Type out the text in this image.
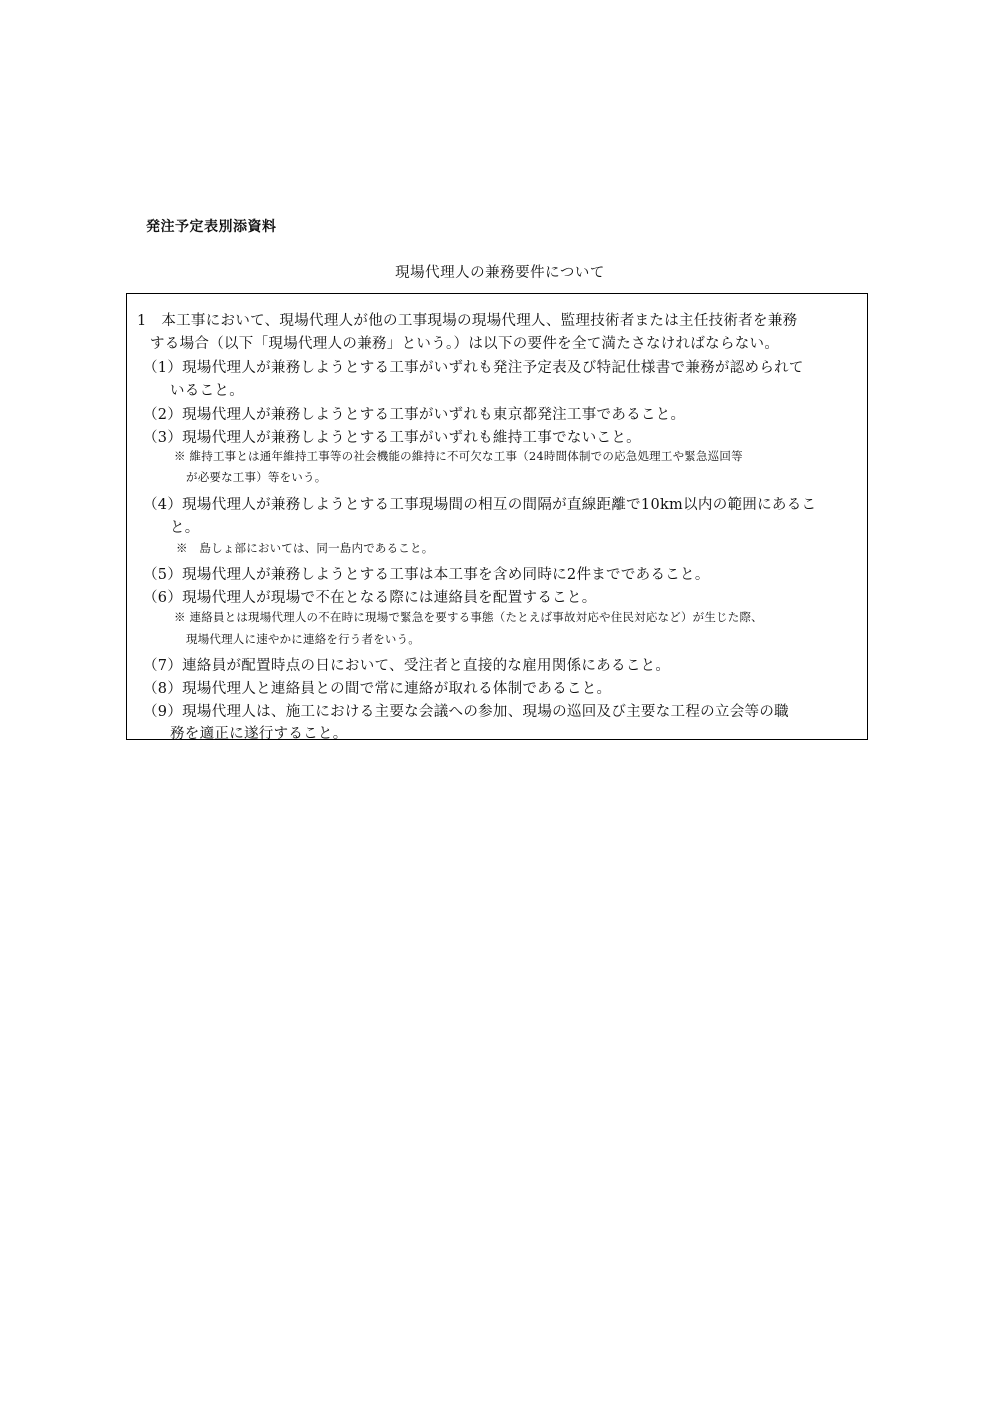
発注予定表別添資料
現場代理人の兼務要件について
1　本工事において、現場代理人が他の工事現場の現場代理人、監理技術者または主任技術者を兼務
する場合（以下「現場代理人の兼務」という。）は以下の要件を全て満たさなければならない。
（1）現場代理人が兼務しようとする工事がいずれも発注予定表及び特記仕様書で兼務が認められて
いること。
（2）現場代理人が兼務しようとする工事がいずれも東京都発注工事であること。
（3）現場代理人が兼務しようとする工事がいずれも維持工事でないこと。
※ 維持工事とは通年維持工事等の社会機能の維持に不可欠な工事（24時間体制での応急処理工や緊急巡回等
が必要な工事）等をいう。
（4）現場代理人が兼務しようとする工事現場間の相互の間隔が直線距離で10km以内の範囲にあるこ
と。
※　島しょ部においては、同一島内であること。
（5）現場代理人が兼務しようとする工事は本工事を含め同時に2件までであること。
（6）現場代理人が現場で不在となる際には連絡員を配置すること。
※ 連絡員とは現場代理人の不在時に現場で緊急を要する事態（たとえば事故対応や住民対応など）が生じた際、
現場代理人に速やかに連絡を行う者をいう。
（7）連絡員が配置時点の日において、受注者と直接的な雇用関係にあること。
（8）現場代理人と連絡員との間で常に連絡が取れる体制であること。
（9）現場代理人は、施工における主要な会議への参加、現場の巡回及び主要な工程の立会等の職
務を適正に遂行すること。
